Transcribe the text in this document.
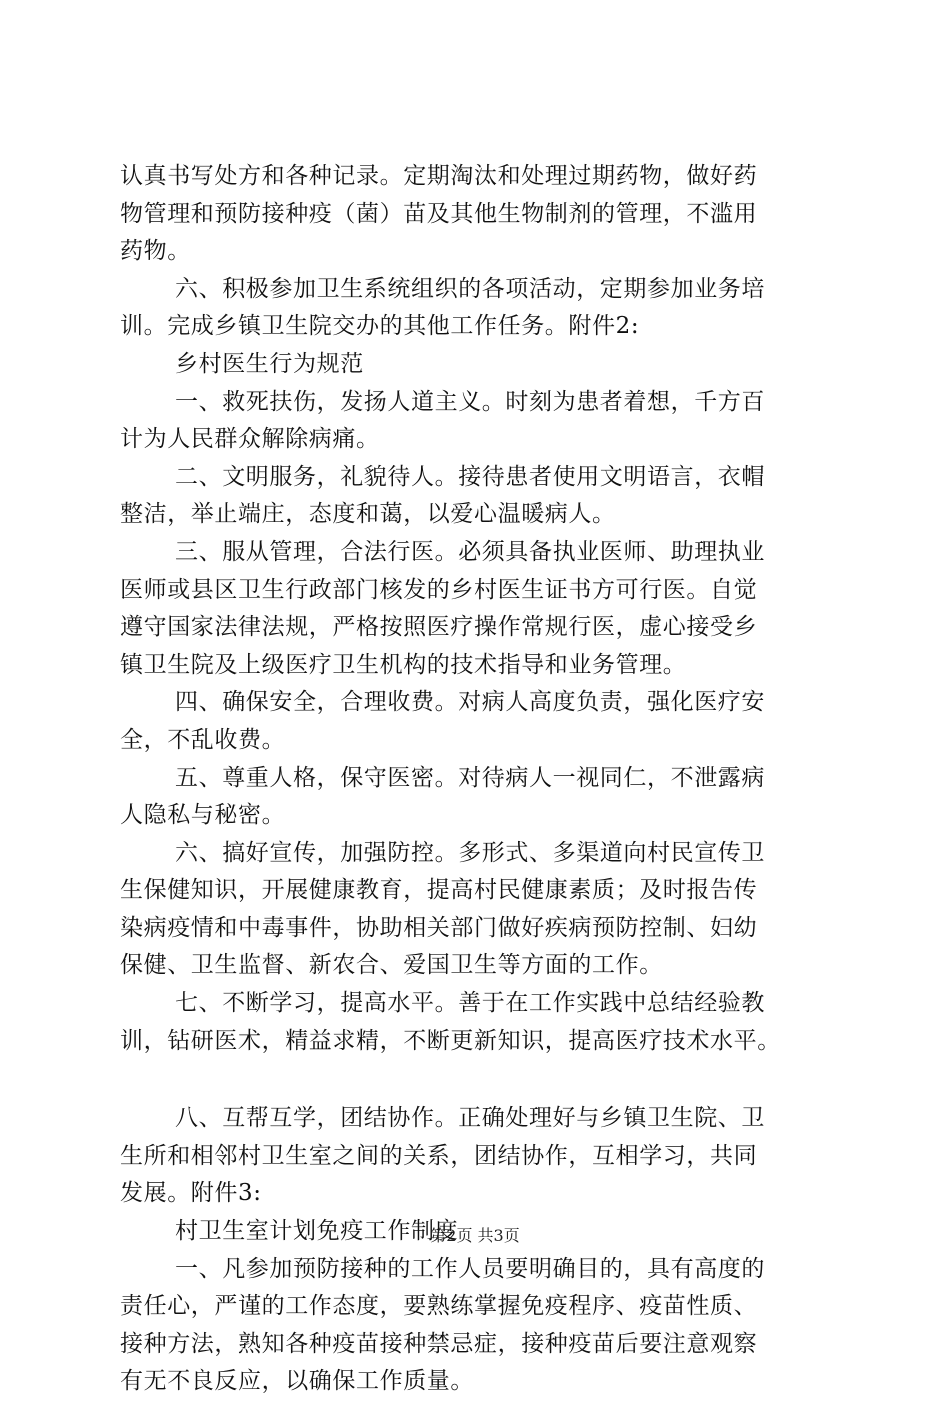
认真书写处方和各种记录。定期淘汰和处理过期药物，做好药
物管理和预防接种疫（菌）苗及其他生物制剂的管理，不滥用
药物。
六、积极参加卫生系统组织的各项活动，定期参加业务培
训。完成乡镇卫生院交办的其他工作任务。附件2:
乡村医生行为规范
一、救死扶伤，发扬人道主义。时刻为患者着想，千方百
计为人民群众解除病痛。
二、文明服务，礼貌待人。接待患者使用文明语言，衣帽
整洁，举止端庄，态度和蔼，以爱心温暖病人。
三、服从管理，合法行医。必须具备执业医师、助理执业
医师或县区卫生行政部门核发的乡村医生证书方可行医。自觉
遵守国家法律法规，严格按照医疗操作常规行医，虚心接受乡
镇卫生院及上级医疗卫生机构的技术指导和业务管理。
四、确保安全，合理收费。对病人高度负责，强化医疗安
全，不乱收费。
五、尊重人格，保守医密。对待病人一视同仁，不泄露病
人隐私与秘密。
六、搞好宣传，加强防控。多形式、多渠道向村民宣传卫
生保健知识，开展健康教育，提高村民健康素质；及时报告传
染病疫情和中毒事件，协助相关部门做好疾病预防控制、妇幼
保健、卫生监督、新农合、爱国卫生等方面的工作。
七、不断学习，提高水平。善于在工作实践中总结经验教
训，钻研医术，精益求精，不断更新知识，提高医疗技术水平。
八、互帮互学，团结协作。正确处理好与乡镇卫生院、卫
生所和相邻村卫生室之间的关系，团结协作，互相学习，共同
发展。附件3:
村卫生室计划免疫工作制度
一、凡参加预防接种的工作人员要明确目的，具有高度的
责任心，严谨的工作态度，要熟练掌握免疫程序、疫苗性质、
接种方法，熟知各种疫苗接种禁忌症，接种疫苗后要注意观察
有无不良反应，以确保工作质量。
第2页 共3页
